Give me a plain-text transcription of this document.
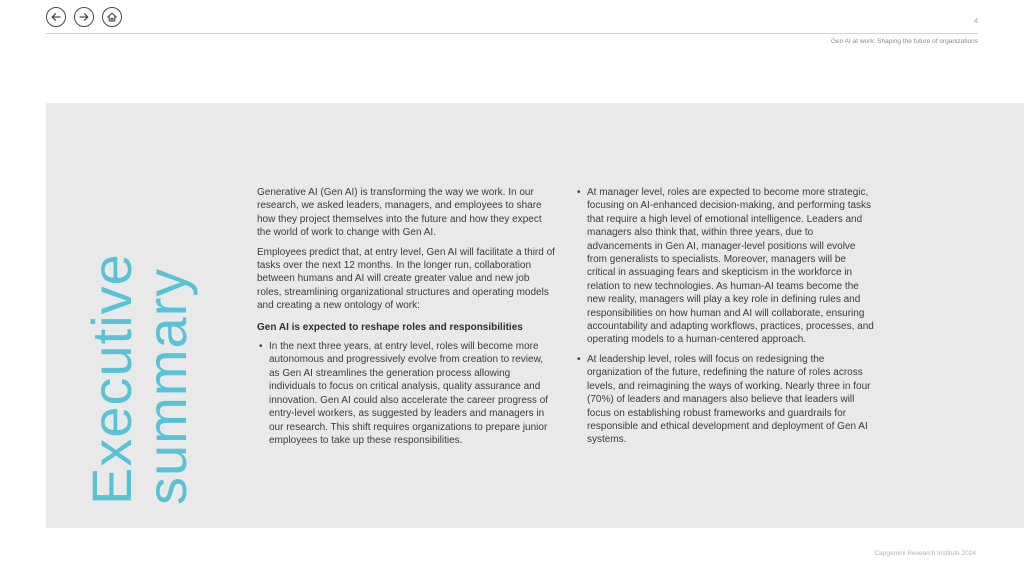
4
Gen AI at work: Shaping the future of organizations
Executive
summary

Generative AI (Gen AI) is transforming the way we work. In our research, we asked leaders, managers, and employees to share how they project themselves into the future and how they expect the world of work to change with Gen AI.

Employees predict that, at entry level, Gen AI will facilitate a third of tasks over the next 12 months. In the longer run, collaboration between humans and AI will create greater value and new job roles, streamlining organizational structures and operating models and creating a new ontology of work:

Gen AI is expected to reshape roles and responsibilities
• In the next three years, at entry level, roles will become more autonomous and progressively evolve from creation to review, as Gen AI streamlines the generation process allowing individuals to focus on critical analysis, quality assurance and innovation. Gen AI could also accelerate the career progress of entry-level workers, as suggested by leaders and managers in our research. This shift requires organizations to prepare junior employees to take up these responsibilities.
• At manager level, roles are expected to become more strategic, focusing on AI-enhanced decision-making, and performing tasks that require a high level of emotional intelligence. Leaders and managers also think that, within three years, due to advancements in Gen AI, manager-level positions will evolve from generalists to specialists. Moreover, managers will be critical in assuaging fears and skepticism in the workforce in relation to new technologies. As human-AI teams become the new reality, managers will play a key role in defining rules and responsibilities on how human and AI will collaborate, ensuring accountability and adapting workflows, practices, processes, and operating models to a human-centered approach.
• At leadership level, roles will focus on redesigning the organization of the future, redefining the nature of roles across levels, and reimagining the ways of working. Nearly three in four (70%) of leaders and managers also believe that leaders will focus on establishing robust frameworks and guardrails for responsible and ethical development and deployment of Gen AI systems.
Capgemini Research Institute 2024
